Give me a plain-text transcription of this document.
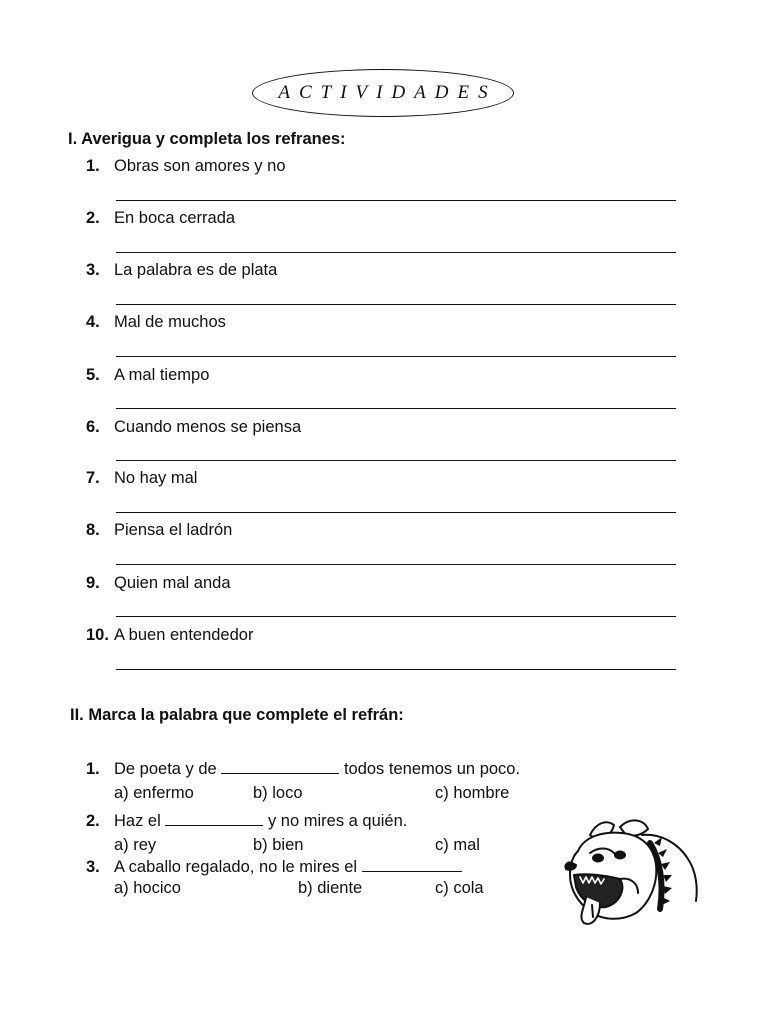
ACTIVIDADES
I. Averigua y completa los refranes:
1. Obras son amores y no
2. En boca cerrada
3. La palabra es de plata
4. Mal de muchos
5. A mal tiempo
6. Cuando menos se piensa
7. No hay mal
8. Piensa el ladrón
9. Quien mal anda
10. A buen entendedor
II. Marca la palabra que complete el refrán:
1. De poeta y de	todos tenemos un poco.
a) enfermo	b) loco	c) hombre
2. Haz el	y no mires a quién.
a) rey	b) bien	c) mal
3. A caballo regalado, no le mires el
a) hocico	b) diente	c) cola
